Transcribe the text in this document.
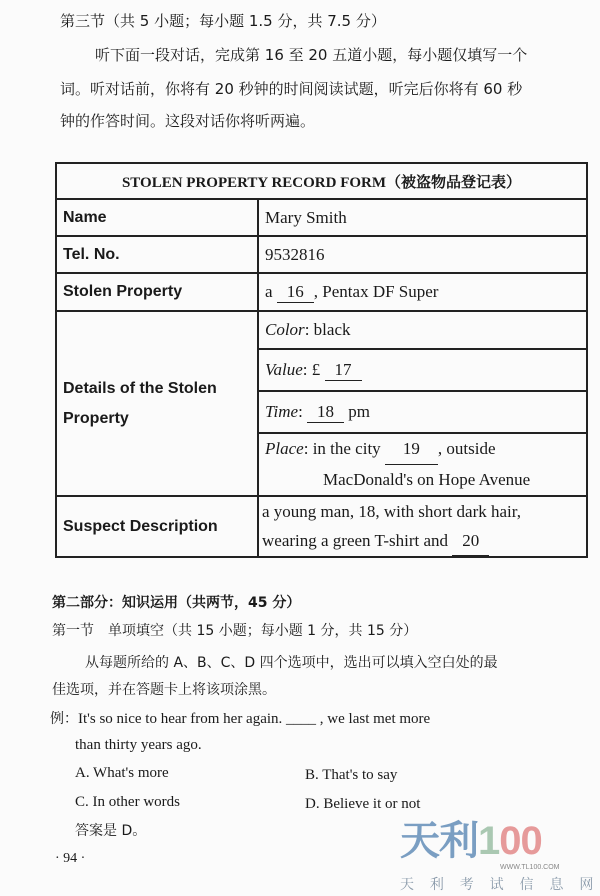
第三节（共 5 小题；每小题 1.5 分，共 7.5 分）
听下面一段对话，完成第 16 至 20 五道小题，每小题仅填写一个
词。听对话前，你将有 20 秒钟的时间阅读试题，听完后你将有 60 秒
钟的作答时间。这段对话你将听两遍。
STOLEN PROPERTY RECORD FORM（被盗物品登记表）	
Name	Mary Smith
Tel. No.	9532816
Stolen Property	a 16 , Pentax DF Super
Details of the Stolen Property	Color: black
	Value: £ 17
	Time: 18 pm
	Place: in the city 19 , outside
MacDonald's on Hope Avenue
Suspect Description	a young man, 18, with short dark hair,
wearing a green T-shirt and 20
第二部分：知识运用（共两节，45 分）
第一节　单项填空（共 15 小题；每小题 1 分，共 15 分）
从每题所给的 A、B、C、D 四个选项中，选出可以填入空白处的最
佳选项，并在答题卡上将该项涂黑。
例：It's so nice to hear from her again. ____ , we last met more
than thirty years ago.
A. What's more	B. That's to say
C. In other words	D. Believe it or not
答案是 D。
· 94 ·	天利100
WWW.TL100.COM
天 利 考 试 信 息 网
